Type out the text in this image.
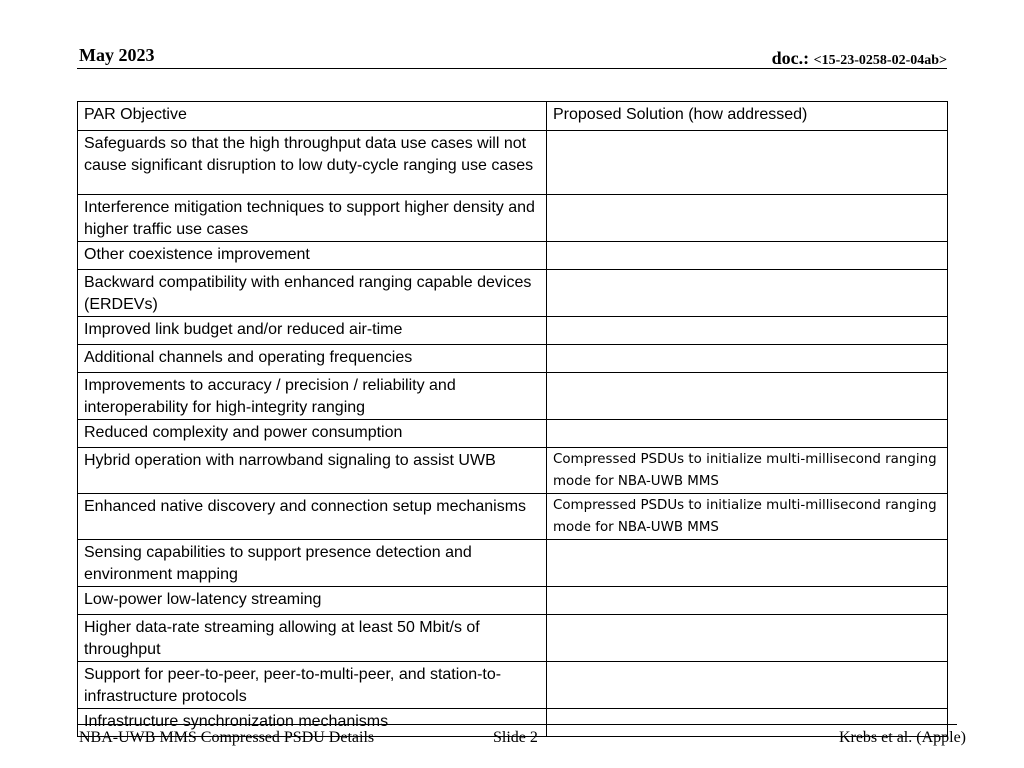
May 2023	doc.: <15-23-0258-02-04ab>
PAR Objective	Proposed Solution (how addressed)
Safeguards so that the high throughput data use cases will not cause significant disruption to low duty-cycle ranging use cases	
Interference mitigation techniques to support higher density and higher traffic use cases	
Other coexistence improvement	
Backward compatibility with enhanced ranging capable devices (ERDEVs)	
Improved link budget and/or reduced air-time	
Additional channels and operating frequencies	
Improvements to accuracy / precision / reliability and interoperability for high-integrity ranging	
Reduced complexity and power consumption	
Hybrid operation with narrowband signaling to assist UWB	Compressed PSDUs to initialize multi-millisecond ranging mode for NBA-UWB MMS
Enhanced native discovery and connection setup mechanisms	Compressed PSDUs to initialize multi-millisecond ranging mode for NBA-UWB MMS
Sensing capabilities to support presence detection and environment mapping	
Low-power low-latency streaming	
Higher data-rate streaming allowing at least 50 Mbit/s of throughput	
Support for peer-to-peer, peer-to-multi-peer, and station-to-infrastructure protocols	
Infrastructure synchronization mechanisms	
NBA-UWB MMS Compressed PSDU Details	Slide 2	Krebs et al. (Apple)
